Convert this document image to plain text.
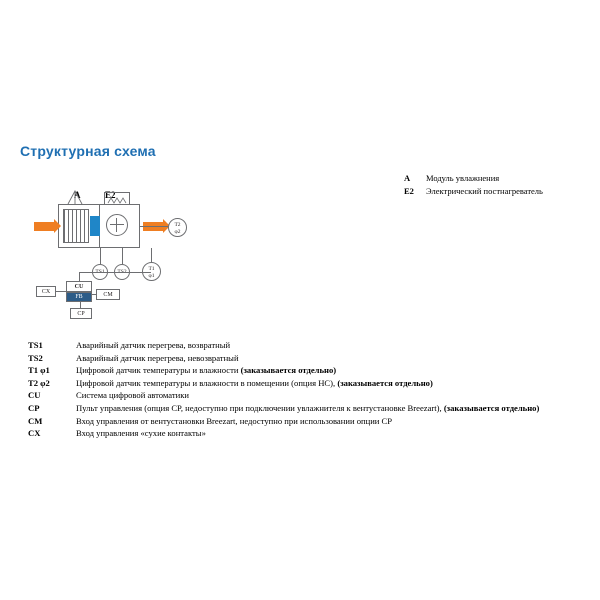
Структурная схема
A	Модуль увлажнения
E2	Электрический постнагреватель
A	E2
T2
φ2
T1
φ1
CX
CU
FB	CM
CP
TS1	Аварийный датчик перегрева, возвратный
TS2	Аварийный датчик перегрева, невозвратный
T1 φ1	Цифровой датчик температуры и влажности (заказывается отдельно)
T2 φ2	Цифровой датчик температуры и влажности в помещении (опция HC), (заказывается отдельно)
CU	Система цифровой автоматики
CP	Пульт управления (опция CP, недоступно при подключении увлажнителя к вентустановке Breezart), (заказывается отдельно)
CM	Вход управления от вентустановки Breezart, недоступно при использовании опции CP
CX	Вход управления «сухие контакты»
